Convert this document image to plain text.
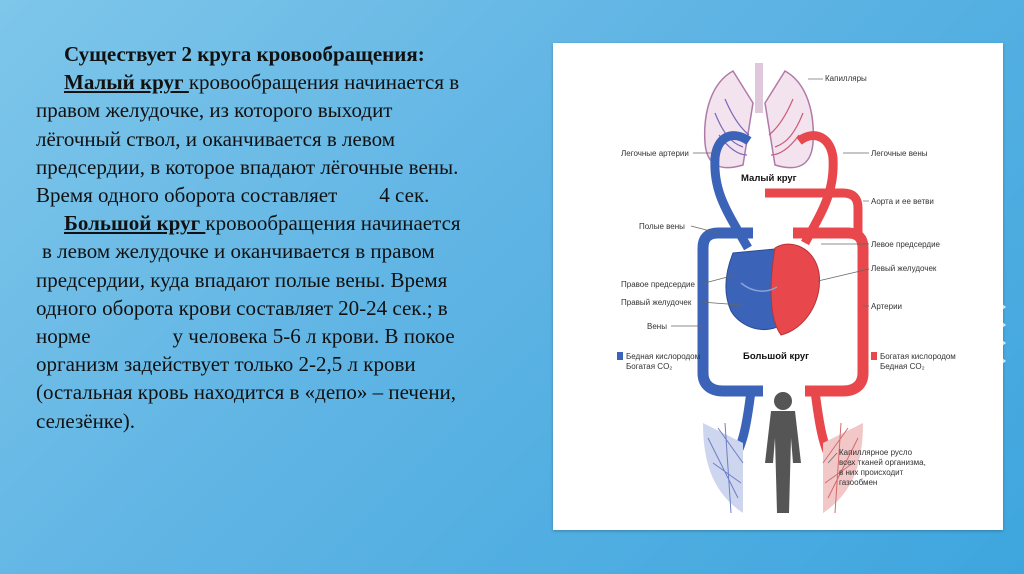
Существует 2 круга кровообращения:

Малый круг кровообращения начинается в

правом желудочке, из которого выходит

лёгочный ствол, и оканчивается в левом

предсердии, в которое впадают лёгочные вены.

Время одного оборота составляет 4 сек.

Большой круг кровообращения начинается

в левом желудочке и оканчивается в правом

предсердии, куда впадают полые вены. Время

одного оборота крови составляет 20-24 сек.; в

норме	у человека 5-6 л крови. В покое

организм задействует только 2-2,5 л крови

(остальная кровь находится в «депо» – печени,

селезёнке).

Капилляры
Легочные артерии	Легочные вены
Малый круг
Аорта и ее ветви
Полые вены
Левое предсердие
Левый желудочек
Правое предсердие
Правый желудочек	Артерии
Вены
Большой круг
Бедная кислородом
Богатая CO₂
Богатая кислородом
Бедная CO₂
Капиллярное русло
всех тканей организма,
в них происходит
газообмен
